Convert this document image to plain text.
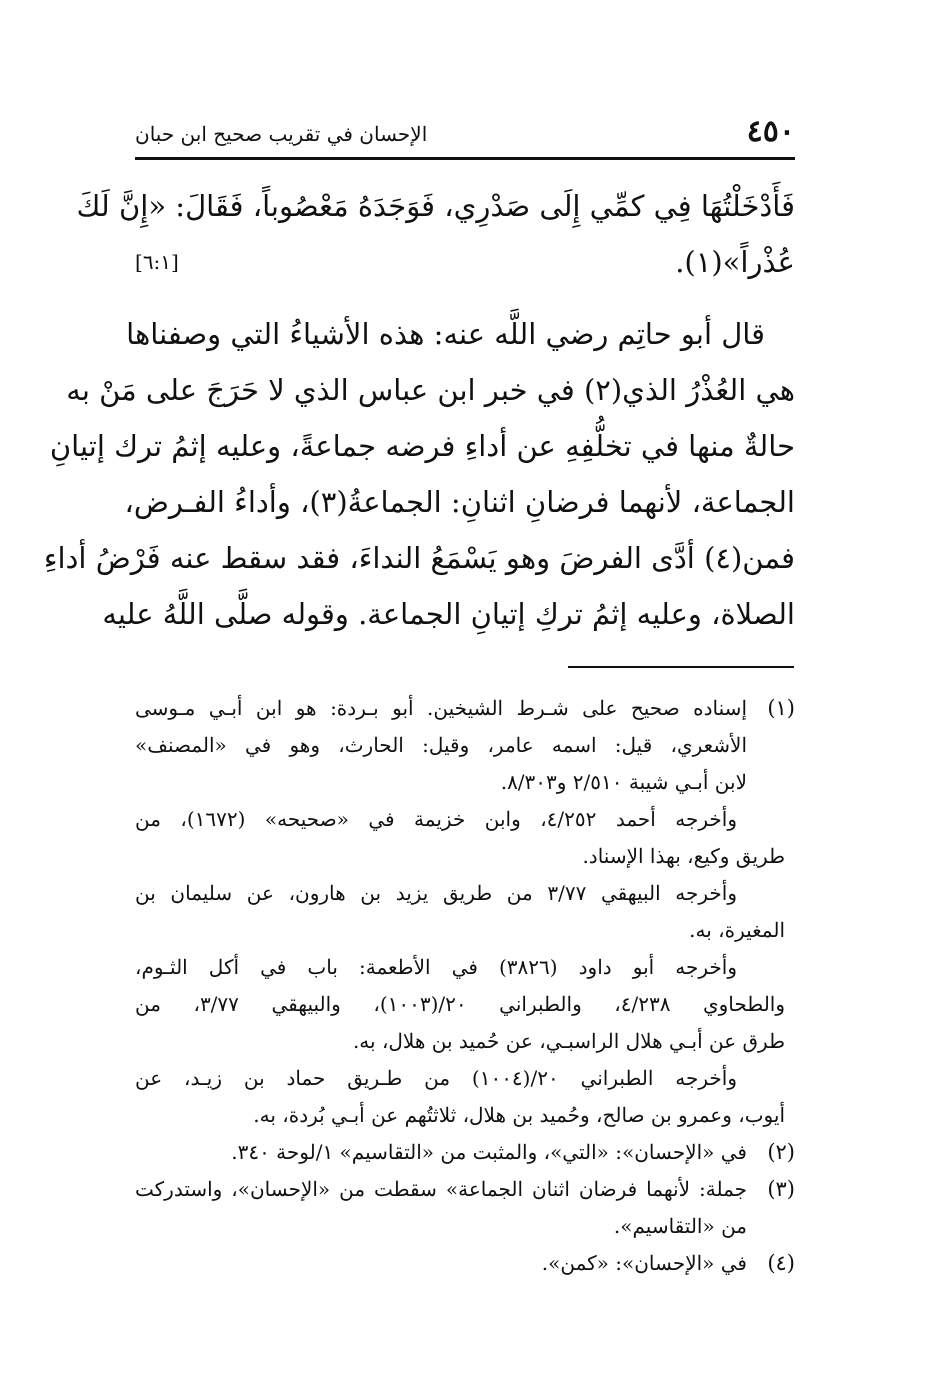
٤٥٠
الإحسان في تقريب صحيح ابن حبان
فَأَدْخَلْتُهَا فِي كمِّي إِلَى صَدْرِي، فَوَجَدَهُ مَعْصُوباً، فَقَالَ: «إِنَّ لَكَ
عُذْراً»(١).
[٦:١]
قال أبو حاتِم رضي اللَّه عنه: هذه الأشياءُ التي وصفناها
هي العُذْرُ الذي(٢) في خبر ابن عباس الذي لا حَرَجَ على مَنْ به
حالةٌ منها في تخلُّفِهِ عن أداءِ فرضه جماعةً، وعليه إثمُ ترك إتيانِ
الجماعة، لأنهما فرضانِ اثنانِ: الجماعةُ(٣)، وأداءُ الفـرض،
فمن(٤) أدَّى الفرضَ وهو يَسْمَعُ النداءَ، فقد سقط عنه فَرْضُ أداءِ
الصلاة، وعليه إثمُ تركِ إتيانِ الجماعة. وقوله صلَّى اللَّهُ عليه
(١)
إسناده صحيح على شـرط الشيخين. أبو بـردة: هو ابن أبـي مـوسى
الأشعري، قيل: اسمه عامر، وقيل: الحارث، وهو في «المصنف»
لابن أبـي شيبة ٢/٥١٠ و٨/٣٠٣.
وأخرجه أحمد ٤/٢٥٢، وابن خزيمة في «صحيحه» (١٦٧٢)، من
طريق وكيع، بهذا الإسناد.
وأخرجه البيهقي ٣/٧٧ من طريق يزيد بن هارون، عن سليمان بن
المغيرة، به.
وأخرجه أبو داود (٣٨٢٦) في الأطعمة: باب في أكل الثـوم،
والطحاوي ٤/٢٣٨، والطبراني ٢٠/(١٠٠٣)، والبيهقي ٣/٧٧، من
طرق عن أبـي هلال الراسبـي، عن حُميد بن هلال، به.
وأخرجه الطبراني ٢٠/(١٠٠٤) من طـريق حماد بن زيـد، عن
أيوب، وعمرو بن صالح، وحُميد بن هلال، ثلاثتُهم عن أبـي بُردة، به.
(٢)
في «الإحسان»: «التي»، والمثبت من «التقاسيم» ١/لوحة ٣٤٠.
(٣)
جملة: لأنهما فرضان اثنان الجماعة» سقطت من «الإحسان»، واستدركت
من «التقاسيم».
(٤)
في «الإحسان»: «كمن».
